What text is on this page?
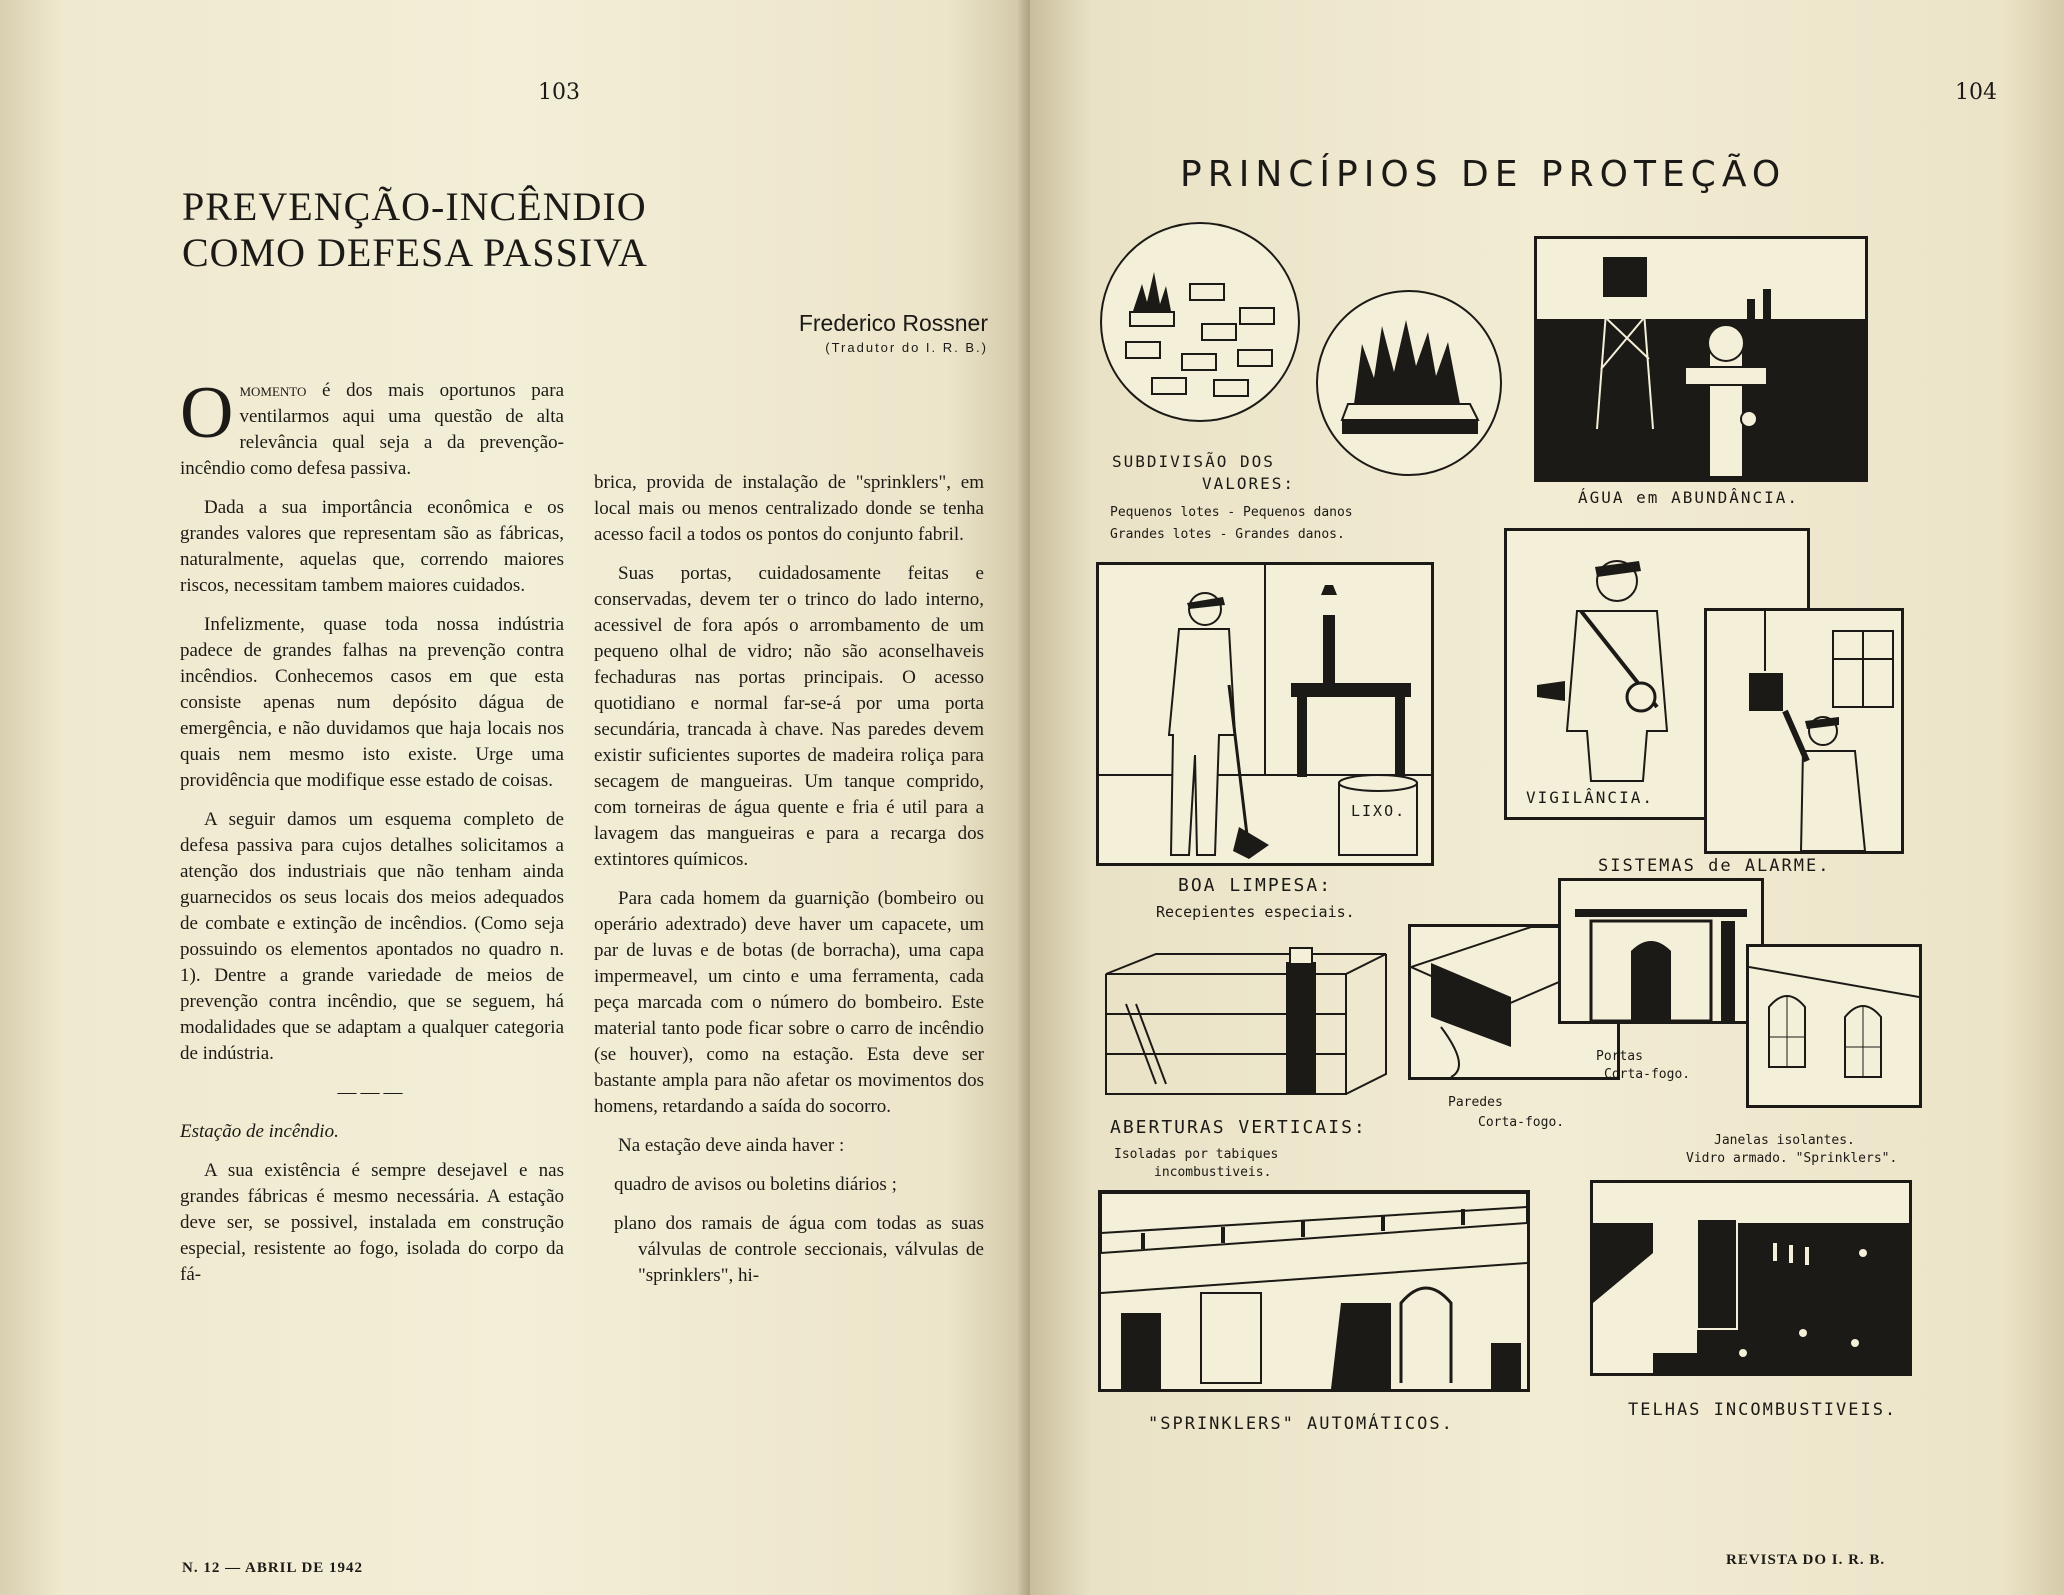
103
PREVENÇÃO-INCÊNDIO
COMO DEFESA PASSIVA
Frederico Rossner
(Tradutor do I. R. B.)

Omomento é dos mais oportunos para ventilarmos aqui uma questão de alta relevância qual seja a da prevenção-incêndio como defesa passiva.

Dada a sua importância econômica e os grandes valores que representam são as fábricas, naturalmente, aquelas que, correndo maiores riscos, necessitam tambem maiores cuidados.

Infelizmente, quase toda nossa indústria padece de grandes falhas na prevenção contra incêndios. Conhecemos casos em que esta consiste apenas num depósito dágua de emergência, e não duvidamos que haja locais nos quais nem mesmo isto existe. Urge uma providência que modifique esse estado de coisas.

A seguir damos um esquema completo de defesa passiva para cujos detalhes solicitamos a atenção dos industriais que não tenham ainda guarnecidos os seus locais dos meios adequados de combate e extinção de incêndios. (Como seja possuindo os elementos apontados no quadro n. 1). Dentre a grande variedade de meios de prevenção contra incêndio, que se seguem, há modalidades que se adaptam a qualquer categoria de indústria.

———

Estação de incêndio.

A sua existência é sempre desejavel e nas grandes fábricas é mesmo necessária. A estação deve ser, se possivel, instalada em construção especial, resistente ao fogo, isolada do corpo da fá-

brica, provida de instalação de "sprinklers", em local mais ou menos centralizado donde se tenha acesso facil a todos os pontos do conjunto fabril.

Suas portas, cuidadosamente feitas e conservadas, devem ter o trinco do lado interno, acessivel de fora após o arrombamento de um pequeno olhal de vidro; não são aconselhaveis fechaduras nas portas principais. O acesso quotidiano e normal far-se-á por uma porta secundária, trancada à chave. Nas paredes devem existir suficientes suportes de madeira roliça para secagem de mangueiras. Um tanque comprido, com torneiras de água quente e fria é util para a lavagem das mangueiras e para a recarga dos extintores químicos.

Para cada homem da guarnição (bombeiro ou operário adextrado) deve haver um capacete, um par de luvas e de botas (de borracha), uma capa impermeavel, um cinto e uma ferramenta, cada peça marcada com o número do bombeiro. Este material tanto pode ficar sobre o carro de incêndio (se houver), como na estação. Esta deve ser bastante ampla para não afetar os movimentos dos homens, retardando a saída do socorro.

Na estação deve ainda haver :

quadro de avisos ou boletins diários ;

plano dos ramais de água com todas as suas válvulas de controle seccionais, válvulas de "sprinklers", hi-

N. 12 — ABRIL DE 1942
104
PRINCÍPIOS DE PROTEÇÃO
SUBDIVISÃO DOS
VALORES:
Pequenos lotes - Pequenos danos
Grandes lotes - Grandes danos.
ÁGUA em ABUNDÂNCIA.
LIXO.
BOA LIMPESA:
Recepientes especiais.
VIGILÂNCIA.
SISTEMAS de ALARME.
ABERTURAS VERTICAIS:
Isoladas por tabiques
incombustiveis.
Portas
Corta-fogo.
Paredes
Corta-fogo.
Janelas isolantes.
Vidro armado. "Sprinklers".
"SPRINKLERS" AUTOMÁTICOS.
TELHAS INCOMBUSTIVEIS.
REVISTA DO I. R. B.
